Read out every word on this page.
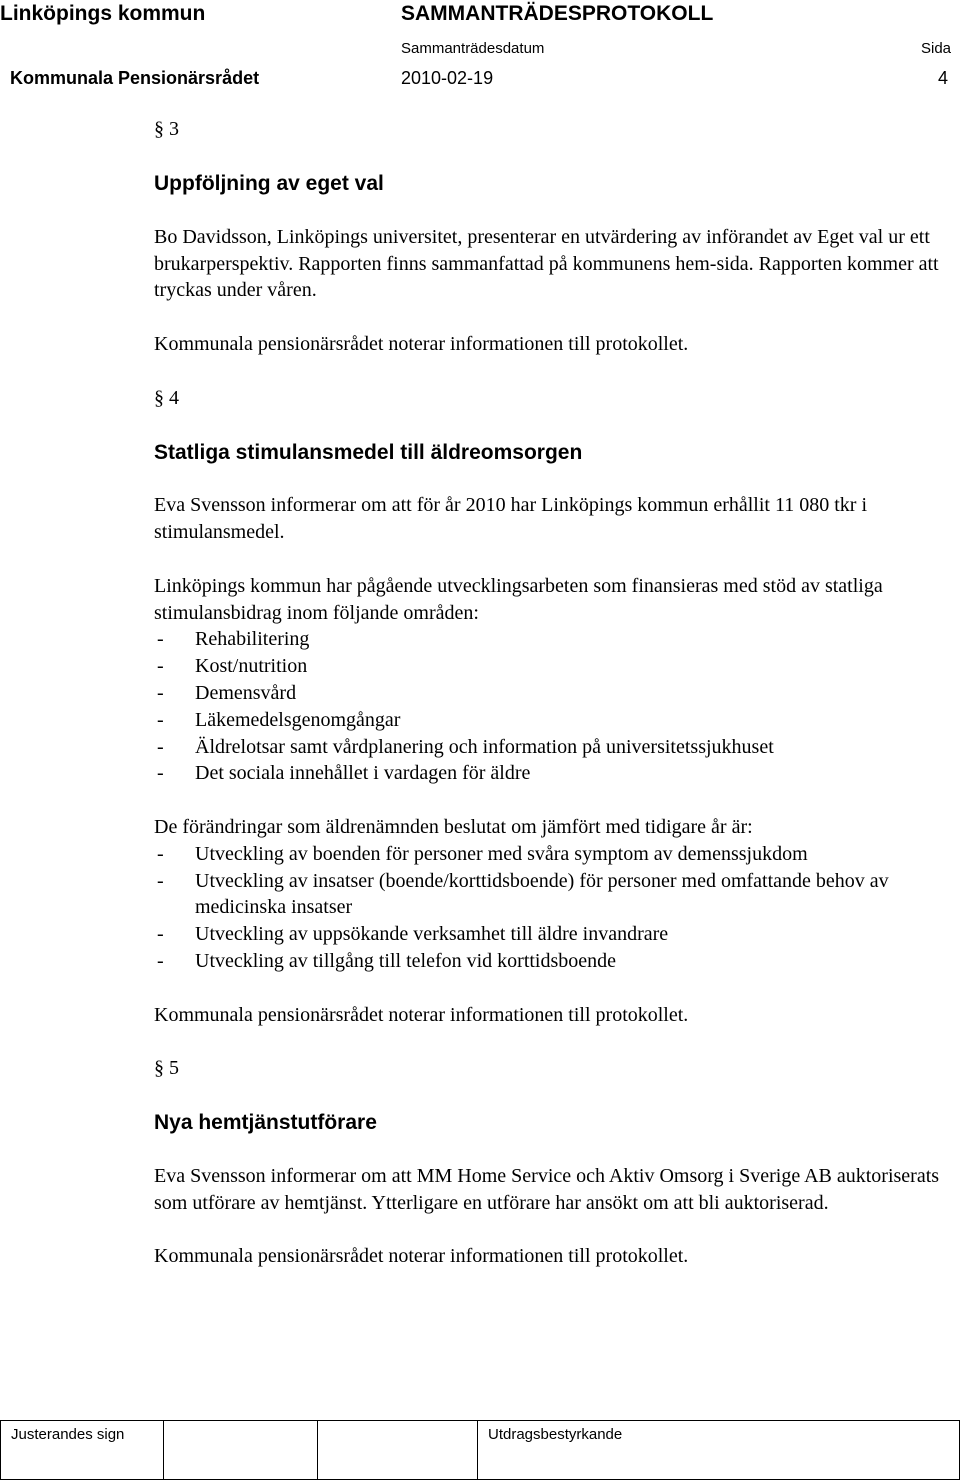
Linköpings kommun	SAMMANTRÄDESPROTOKOLL
Sammanträdesdatum	Sida
Kommunala Pensionärsrådet	2010-02-19	4
§ 3
Uppföljning av eget val

Bo Davidsson, Linköpings universitet, presenterar en utvärdering av införandet av Eget val ur ett brukarperspektiv. Rapporten finns sammanfattad på kommunens hem-sida. Rapporten kommer att tryckas under våren.

Kommunala pensionärsrådet noterar informationen till protokollet.

§ 4
Statliga stimulansmedel till äldreomsorgen

Eva Svensson informerar om att för år 2010 har Linköpings kommun erhållit 11 080 tkr i stimulansmedel.

Linköpings kommun har pågående utvecklingsarbeten som finansieras med stöd av statliga stimulansbidrag inom följande områden:

- Rehabilitering
- Kost/nutrition
- Demensvård
- Läkemedelsgenomgångar
- Äldrelotsar samt vårdplanering och information på universitetssjukhuset
- Det sociala innehållet i vardagen för äldre

De förändringar som äldrenämnden beslutat om jämfört med tidigare år är:

- Utveckling av boenden för personer med svåra symptom av demenssjukdom
- Utveckling av insatser (boende/korttidsboende) för personer med omfattande behov av medicinska insatser
- Utveckling av uppsökande verksamhet till äldre invandrare
- Utveckling av tillgång till telefon vid korttidsboende

Kommunala pensionärsrådet noterar informationen till protokollet.

§ 5
Nya hemtjänstutförare

Eva Svensson informerar om att MM Home Service och Aktiv Omsorg i Sverige AB auktoriserats som utförare av hemtjänst. Ytterligare en utförare har ansökt om att bli auktoriserad.

Kommunala pensionärsrådet noterar informationen till protokollet.

Justerandes sign	Utdragsbestyrkande
